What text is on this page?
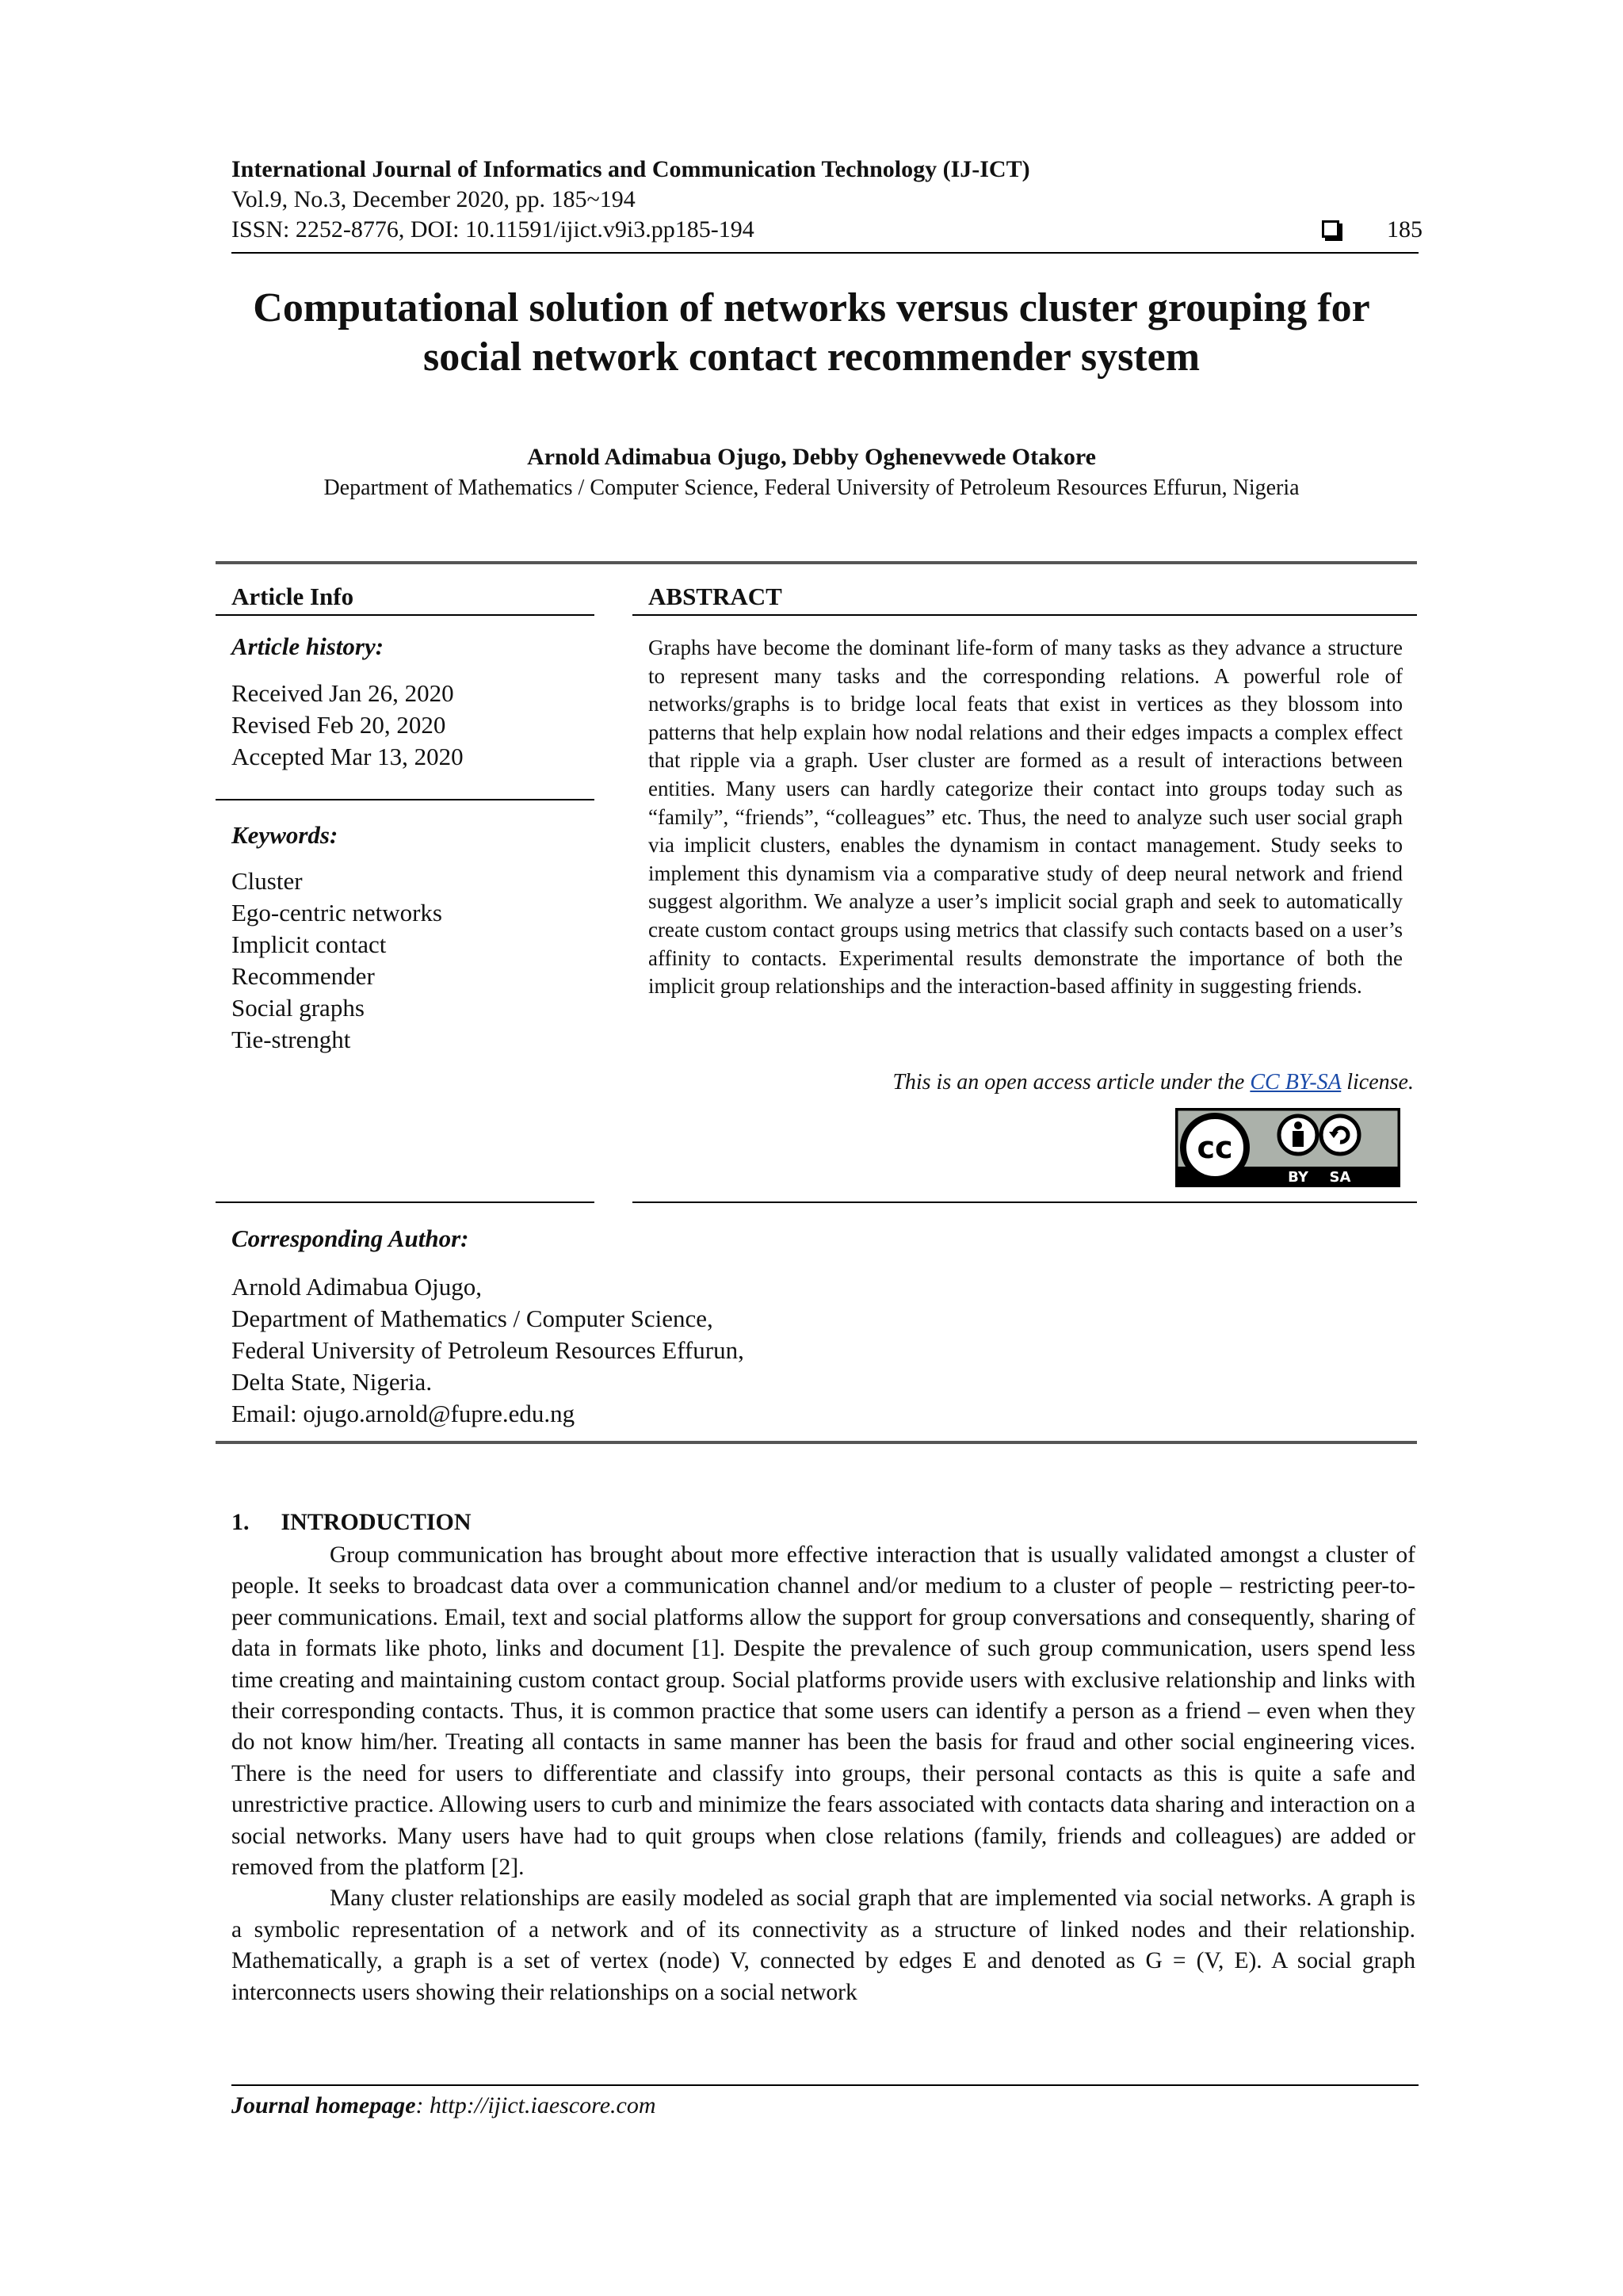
International Journal of Informatics and Communication Technology (IJ-ICT)
Vol.9, No.3, December 2020, pp. 185~194
ISSN: 2252-8776, DOI: 10.11591/ijict.v9i3.pp185-194	185
Computational solution of networks versus cluster grouping for
social network contact recommender system
Arnold Adimabua Ojugo, Debby Oghenevwede Otakore
Department of Mathematics / Computer Science, Federal University of Petroleum Resources Effurun, Nigeria
Article Info
Article history:
Received Jan 26, 2020
Revised Feb 20, 2020
Accepted Mar 13, 2020
Keywords:
Cluster
Ego-centric networks
Implicit contact
Recommender
Social graphs
Tie-strenght
ABSTRACT
Graphs have become the dominant life-form of many tasks as they advance a structure to represent many tasks and the corresponding relations. A powerful role of networks/graphs is to bridge local feats that exist in vertices as they blossom into patterns that help explain how nodal relations and their edges impacts a complex effect that ripple via a graph. User cluster are formed as a result of interactions between entities. Many users can hardly categorize their contact into groups today such as “family”, “friends”, “colleagues” etc. Thus, the need to analyze such user social graph via implicit clusters, enables the dynamism in contact management. Study seeks to implement this dynamism via a comparative study of deep neural network and friend suggest algorithm. We analyze a user’s implicit social graph and seek to automatically create custom contact groups using metrics that classify such contacts based on a user’s affinity to contacts. Experimental results demonstrate the importance of both the implicit group relationships and the interaction-based affinity in suggesting friends.
This is an open access article under the CC BY-SA license.
cc
BY SA
Corresponding Author:
Arnold Adimabua Ojugo,
Department of Mathematics / Computer Science,
Federal University of Petroleum Resources Effurun,
Delta State, Nigeria.
Email: ojugo.arnold@fupre.edu.ng
1. INTRODUCTION

Group communication has brought about more effective interaction that is usually validated amongst a cluster of people. It seeks to broadcast data over a communication channel and/or medium to a cluster of people – restricting peer-to-peer communications. Email, text and social platforms allow the support for group conversations and consequently, sharing of data in formats like photo, links and document [1]. Despite the prevalence of such group communication, users spend less time creating and maintaining custom contact group. Social platforms provide users with exclusive relationship and links with their corresponding contacts. Thus, it is common practice that some users can identify a person as a friend – even when they do not know him/her. Treating all contacts in same manner has been the basis for fraud and other social engineering vices. There is the need for users to differentiate and classify into groups, their personal contacts as this is quite a safe and unrestrictive practice. Allowing users to curb and minimize the fears associated with contacts data sharing and interaction on a social networks. Many users have had to quit groups when close relations (family, friends and colleagues) are added or removed from the platform [2].

Many cluster relationships are easily modeled as social graph that are implemented via social networks. A graph is a symbolic representation of a network and of its connectivity as a structure of linked nodes and their relationship. Mathematically, a graph is a set of vertex (node) V, connected by edges E and denoted as G = (V, E). A social graph interconnects users showing their relationships on a social network

Journal homepage: http://ijict.iaescore.com
